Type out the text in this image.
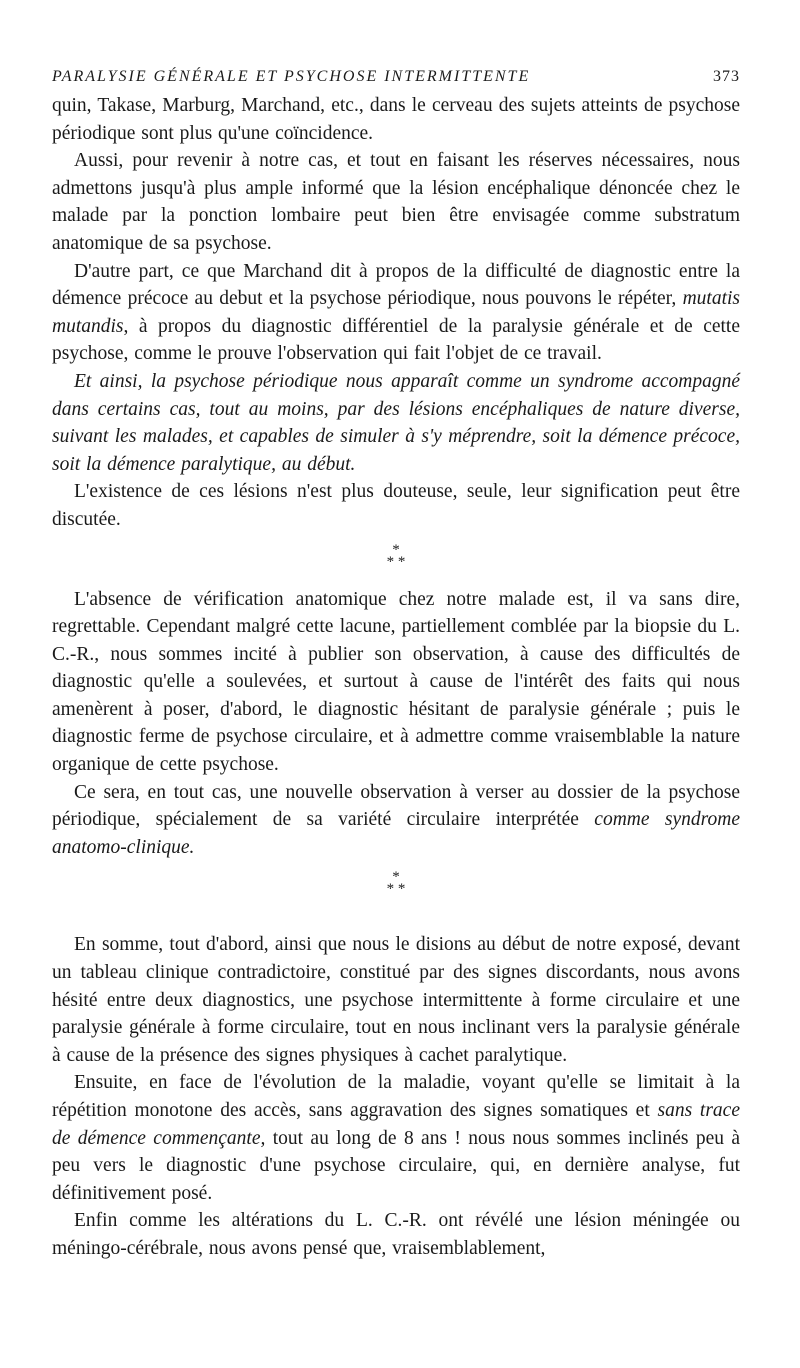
PARALYSIE GÉNÉRALE ET PSYCHOSE INTERMITTENTE	373

quin, Takase, Marburg, Marchand, etc., dans le cerveau des sujets atteints de psychose périodique sont plus qu'une coïncidence.

Aussi, pour revenir à notre cas, et tout en faisant les réserves nécessaires, nous admettons jusqu'à plus ample informé que la lésion encéphalique dénoncée chez le malade par la ponction lombaire peut bien être envisagée comme substratum anatomique de sa psychose.

D'autre part, ce que Marchand dit à propos de la difficulté de diagnostic entre la démence précoce au debut et la psychose périodique, nous pouvons le répéter, mutatis mutandis, à propos du diagnostic différentiel de la paralysie générale et de cette psychose, comme le prouve l'observation qui fait l'objet de ce travail.

Et ainsi, la psychose périodique nous apparaît comme un syndrome accompagné dans certains cas, tout au moins, par des lésions encéphaliques de nature diverse, suivant les malades, et capables de simuler à s'y méprendre, soit la démence précoce, soit la démence paralytique, au début.

L'existence de ces lésions n'est plus douteuse, seule, leur signification peut être discutée.

*
* *

L'absence de vérification anatomique chez notre malade est, il va sans dire, regrettable. Cependant malgré cette lacune, partiellement comblée par la biopsie du L. C.-R., nous sommes incité à publier son observation, à cause des difficultés de diagnostic qu'elle a soulevées, et surtout à cause de l'intérêt des faits qui nous amenèrent à poser, d'abord, le diagnostic hésitant de paralysie générale ; puis le diagnostic ferme de psychose circulaire, et à admettre comme vraisemblable la nature organique de cette psychose.

Ce sera, en tout cas, une nouvelle observation à verser au dossier de la psychose périodique, spécialement de sa variété circulaire interprétée comme syndrome anatomo-clinique.

*
* *

En somme, tout d'abord, ainsi que nous le disions au début de notre exposé, devant un tableau clinique contradictoire, constitué par des signes discordants, nous avons hésité entre deux diagnostics, une psychose intermittente à forme circulaire et une paralysie générale à forme circulaire, tout en nous inclinant vers la paralysie générale à cause de la présence des signes physiques à cachet paralytique.

Ensuite, en face de l'évolution de la maladie, voyant qu'elle se limitait à la répétition monotone des accès, sans aggravation des signes somatiques et sans trace de démence commençante, tout au long de 8 ans ! nous nous sommes inclinés peu à peu vers le diagnostic d'une psychose circulaire, qui, en dernière analyse, fut définitivement posé.

Enfin comme les altérations du L. C.-R. ont révélé une lésion méningée ou méningo-cérébrale, nous avons pensé que, vraisemblablement,
